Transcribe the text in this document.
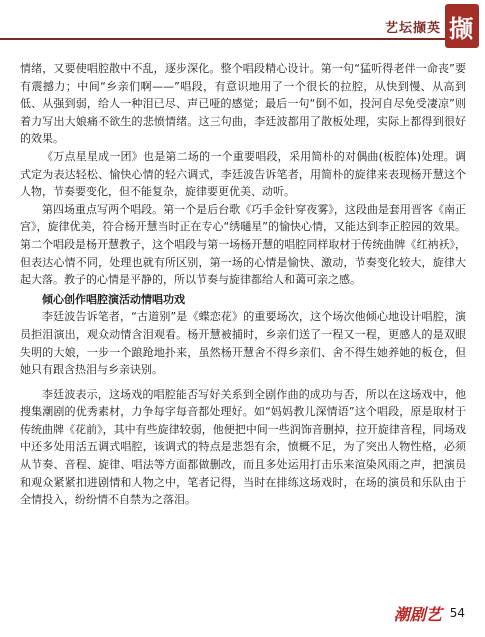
艺坛撷英 撷

情绪，又要使唱腔散中不乱，逐步深化。整个唱段精心设计。第一句“猛听得老伴一命丧”要有震撼力；中间“乡亲们啊——”唱段，有意识地用了一个很长的拉腔，从快到慢、从高到低、从强到弱，给人一种泪已尽、声已哑的感觉；最后一句“倒不如，投河自尽免受凄凉”则着力写出大娘痛不欲生的悲愤情绪。这三句曲，李廷波都用了散板处理，实际上都得到很好的效果。

《万点星星成一团》也是第二场的一个重要唱段，采用简朴的对偶曲(板腔体)处理。调式定为表达轻松、愉快心情的轻六调式，李廷波告诉笔者，用简朴的旋律来表现杨开慧这个人物，节奏要变化，但不能复杂，旋律要更优美、动听。

第四场重点写两个唱段。第一个是后台歌《巧手金针穿夜雾》，这段曲是套用晋客《南正宫》，旋律优美，符合杨开慧当时正在专心“绣嗵星”的愉快心情，又能达到李正腔园的效果。第二个唱段是杨开慧教子，这个唱段与第一场杨开慧的唱腔同样取材于传统曲牌《红衲袄》，但表达心情不同，处理也就有所区别，第一场的心情是愉快、激动，节奏变化较大，旋律大起大落。教子的心情是平静的，所以节奏与旋律都给人和蔼可亲之感。

倾心创作唱腔演活动情唱功戏

李廷波告诉笔者，“古道别”是《蝶恋花》的重要场次，这个场次他倾心地设计唱腔，演员拒泪演出，观众动情含泪观看。杨开慧被捕时，乡亲们送了一程又一程，更感人的是双眼失明的大娘，一步一个踉跄地扑来，虽然杨开慧舍不得乡亲们、舍不得生她养她的板仓，但她只有跟含热泪与乡亲诀别。

李廷波表示，这场戏的唱腔能否写好关系到全剧作曲的成功与否，所以在这场戏中，他搜集潮剧的优秀素材，力争每字每音都处理好。如“妈妈教儿深情语”这个唱段，原是取材于传统曲牌《花前》，其中有些旋律较弱，他便把中间一些润饰音删掉，拉开旋律音程，同场戏中还多处用活五调式唱腔，该调式的特点是悲怨有余，愤概不足，为了突出人物性格，必须从节奏、音程、旋律、唱法等方面都做删改，而且多处运用打击乐来渲染风雨之声，把演员和观众紧紧扣进剧情和人物之中，笔者记得，当时在排练这场戏时，在场的演员和乐队由于全情投入，纷纷情不自禁为之落泪。

潮剧艺 54
